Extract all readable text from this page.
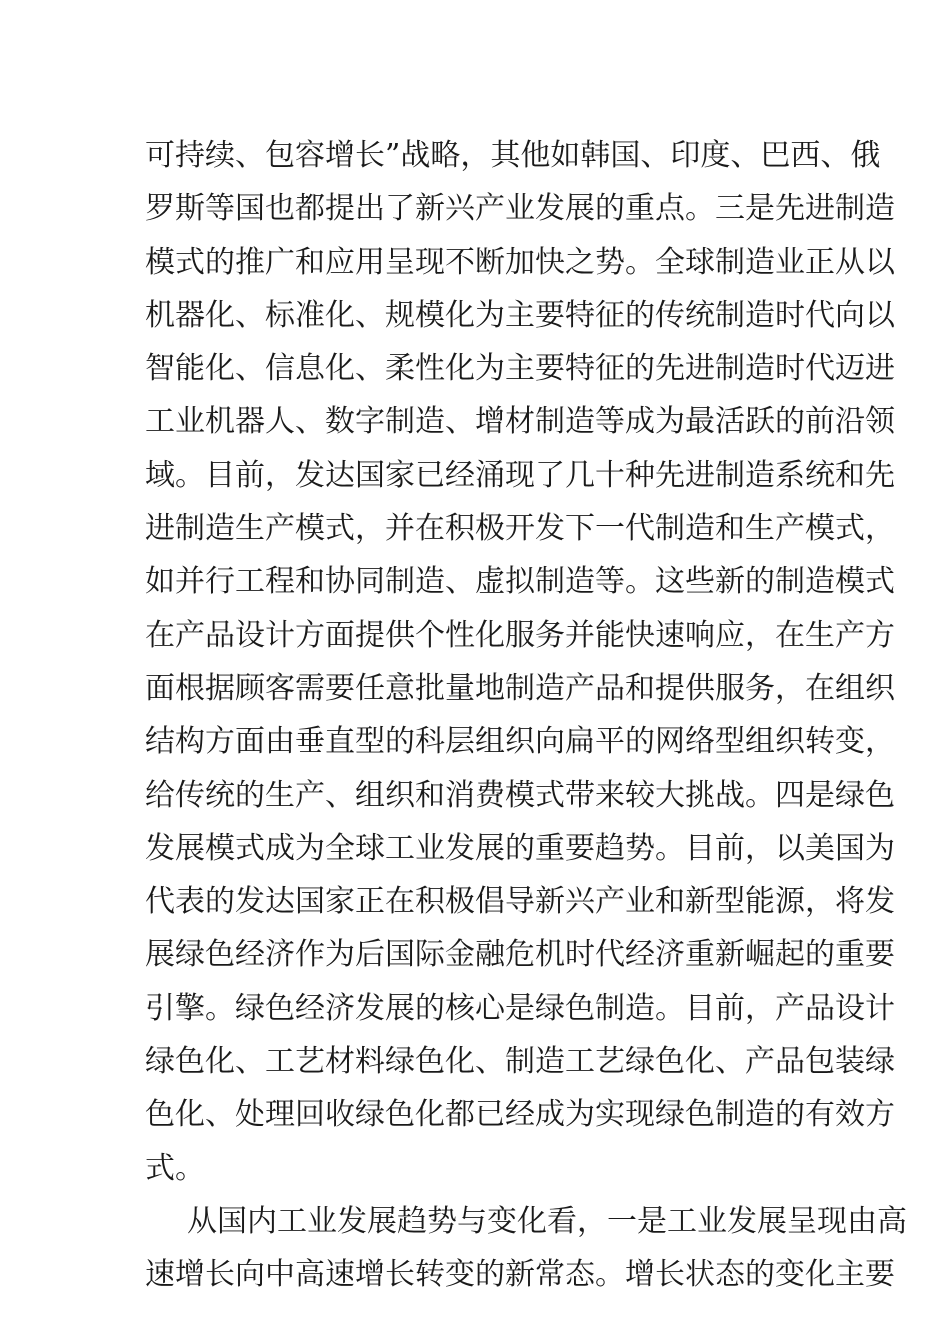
可持续、包容增长”战略，其他如韩国、印度、巴西、俄
罗斯等国也都提出了新兴产业发展的重点。三是先进制造
模式的推广和应用呈现不断加快之势。全球制造业正从以
机器化、标准化、规模化为主要特征的传统制造时代向以
智能化、信息化、柔性化为主要特征的先进制造时代迈进
工业机器人、数字制造、增材制造等成为最活跃的前沿领
域。目前，发达国家已经涌现了几十种先进制造系统和先
进制造生产模式，并在积极开发下一代制造和生产模式，
如并行工程和协同制造、虚拟制造等。这些新的制造模式
在产品设计方面提供个性化服务并能快速响应，在生产方
面根据顾客需要任意批量地制造产品和提供服务，在组织
结构方面由垂直型的科层组织向扁平的网络型组织转变，
给传统的生产、组织和消费模式带来较大挑战。四是绿色
发展模式成为全球工业发展的重要趋势。目前，以美国为
代表的发达国家正在积极倡导新兴产业和新型能源，将发
展绿色经济作为后国际金融危机时代经济重新崛起的重要
引擎。绿色经济发展的核心是绿色制造。目前，产品设计
绿色化、工艺材料绿色化、制造工艺绿色化、产品包装绿
色化、处理回收绿色化都已经成为实现绿色制造的有效方
式。
从国内工业发展趋势与变化看，一是工业发展呈现由高
速增长向中高速增长转变的新常态。增长状态的变化主要
